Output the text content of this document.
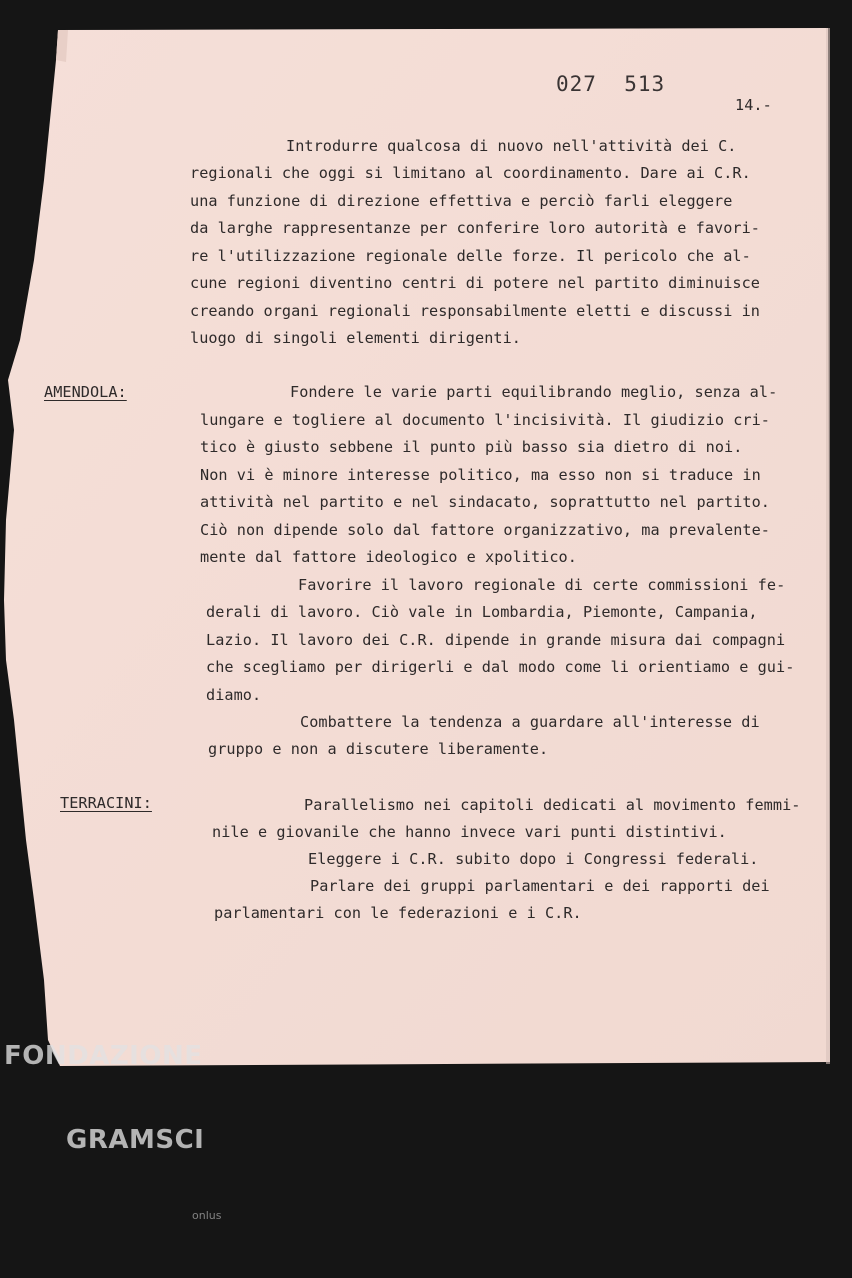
027  513
14.-
Introdurre qualcosa di nuovo nell'attività dei C.
regionali che oggi si limitano al coordinamento. Dare ai C.R.
una funzione di direzione effettiva e perciò farli eleggere
da larghe rappresentanze per conferire loro autorità e favori-
re l'utilizzazione regionale delle forze. Il pericolo che al-
cune regioni diventino centri di potere nel partito diminuisce
creando organi regionali responsabilmente eletti e discussi in
luogo di singoli elementi dirigenti.
AMENDOLA:	Fondere le varie parti equilibrando meglio, senza al-
lungare e togliere al documento l'incisività. Il giudizio cri-
tico è giusto sebbene il punto più basso sia dietro di noi.
Non vi è minore interesse politico, ma esso non si traduce in
attività nel partito e nel sindacato, soprattutto nel partito.
Ciò non dipende solo dal fattore organizzativo, ma prevalente-
mente dal fattore ideologico e xpolitico.
Favorire il lavoro regionale di certe commissioni fe-
derali di lavoro. Ciò vale in Lombardia, Piemonte, Campania,
Lazio. Il lavoro dei C.R. dipende in grande misura dai compagni
che scegliamo per dirigerli e dal modo come li orientiamo e gui-
diamo.
Combattere la tendenza a guardare all'interesse di
gruppo e non a discutere liberamente.
TERRACINI:	Parallelismo nei capitoli dedicati al movimento femmi-
nile e giovanile che hanno invece vari punti distintivi.
Eleggere i C.R. subito dopo i Congressi federali.
Parlare dei gruppi parlamentari e dei rapporti dei
parlamentari con le federazioni e i C.R.

FONDAZIONE

GRAMSCI

onlus
